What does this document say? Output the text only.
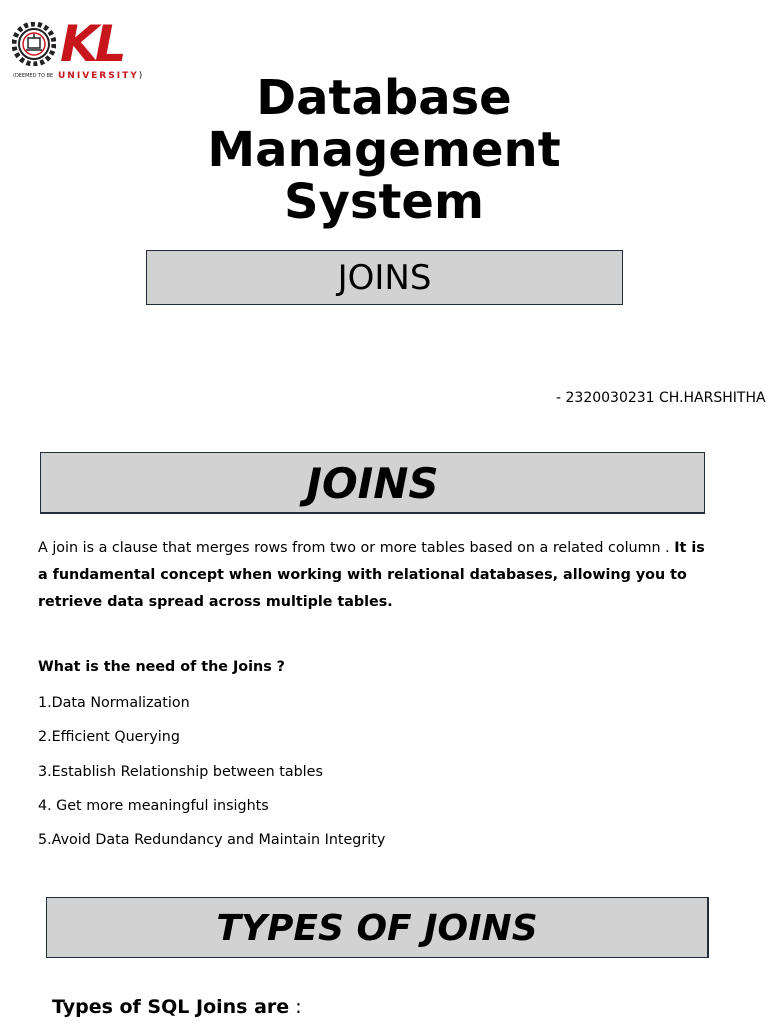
KL
(DEEMED TO BE UNIVERSITY)	Database
Management
System
JOINS
- 2320030231 CH.HARSHITHA
JOINS
A join is a clause that merges rows from two or more tables based on a related column . It is a fundamental concept when working with relational databases, allowing you to retrieve data spread across multiple tables.
What is the need of the Joins ?
1.Data Normalization
2.Efficient Querying
3.Establish Relationship between tables
4. Get more meaningful insights
5.Avoid Data Redundancy and Maintain Integrity
TYPES OF JOINS
Types of SQL Joins are :
